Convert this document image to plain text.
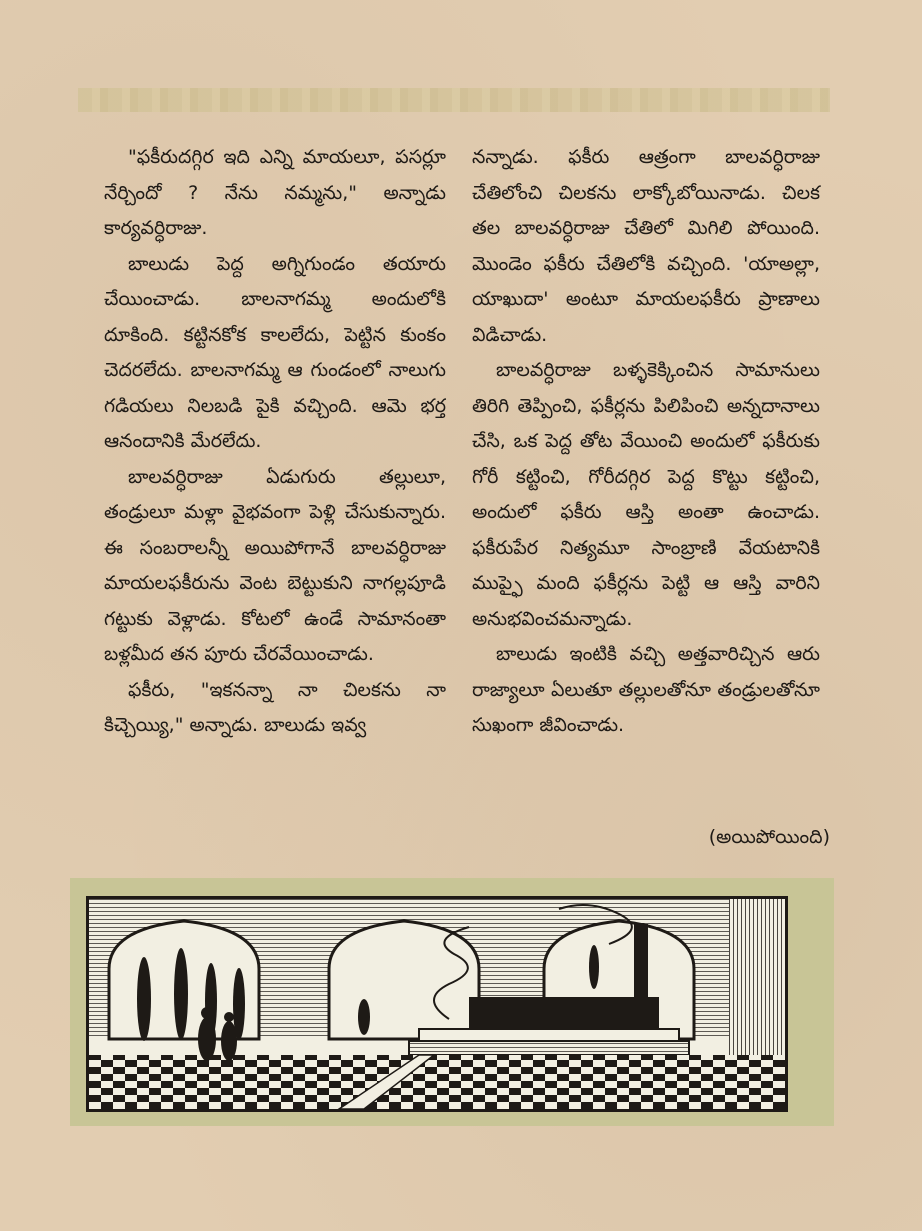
"ఫకీరుదగ్గిర ఇది ఎన్ని మాయలూ, పసర్లూ నేర్చిందో ? నేను నమ్మను," అన్నాడు కార్యవర్ధిరాజు.

బాలుడు పెద్ద అగ్నిగుండం తయారు చేయించాడు. బాలనాగమ్మ అందులోకి దూకింది. కట్టినకోక కాలలేదు, పెట్టిన కుంకం చెదరలేదు. బాలనాగమ్మ ఆ గుండంలో నాలుగు గడియలు నిలబడి పైకి వచ్చింది. ఆమె భర్త ఆనందానికి మేరలేదు.

బాలవర్ధిరాజు ఏడుగురు తల్లులూ, తండ్రులూ మళ్లా వైభవంగా పెళ్లి చేసుకున్నారు. ఈ సంబరాలన్నీ అయిపోగానే బాలవర్ధిరాజు మాయలఫకీరును వెంట బెట్టుకుని నాగల్లపూడి గట్టుకు వెళ్లాడు. కోటలో ఉండే సామానంతా బళ్లమీద తన పూరు చేరవేయించాడు.

ఫకీరు, "ఇకనన్నా నా చిలకను నా కిచ్చెయ్యి," అన్నాడు. బాలుడు ఇవ్వ

నన్నాడు. ఫకీరు ఆత్రంగా బాలవర్ధిరాజు చేతిలోంచి చిలకను లాక్కోబోయినాడు. చిలక తల బాలవర్ధిరాజు చేతిలో మిగిలి పోయింది. మొండెం ఫకీరు చేతిలోకి వచ్చింది. 'యాఅల్లా, యాఖుదా' అంటూ మాయలఫకీరు ప్రాణాలు విడిచాడు.

బాలవర్ధిరాజు బళ్ళకెక్కించిన సామానులు తిరిగి తెప్పించి, ఫకీర్లను పిలిపించి అన్నదానాలు చేసి, ఒక పెద్ద తోట వేయించి అందులో ఫకీరుకు గోరీ కట్టించి, గోరీదగ్గిర పెద్ద కొట్టు కట్టించి, అందులో ఫకీరు ఆస్తి అంతా ఉంచాడు. ఫకీరుపేర నిత్యమూ సాంబ్రాణి వేయటానికి ముప్ఫై మంది ఫకీర్లను పెట్టి ఆ ఆస్తి వారిని అనుభవించమన్నాడు.

బాలుడు ఇంటికి వచ్చి అత్తవారిచ్చిన ఆరు రాజ్యాలూ ఏలుతూ తల్లులతోనూ తండ్రులతోనూ సుఖంగా జీవించాడు.

(అయిపోయింది)
